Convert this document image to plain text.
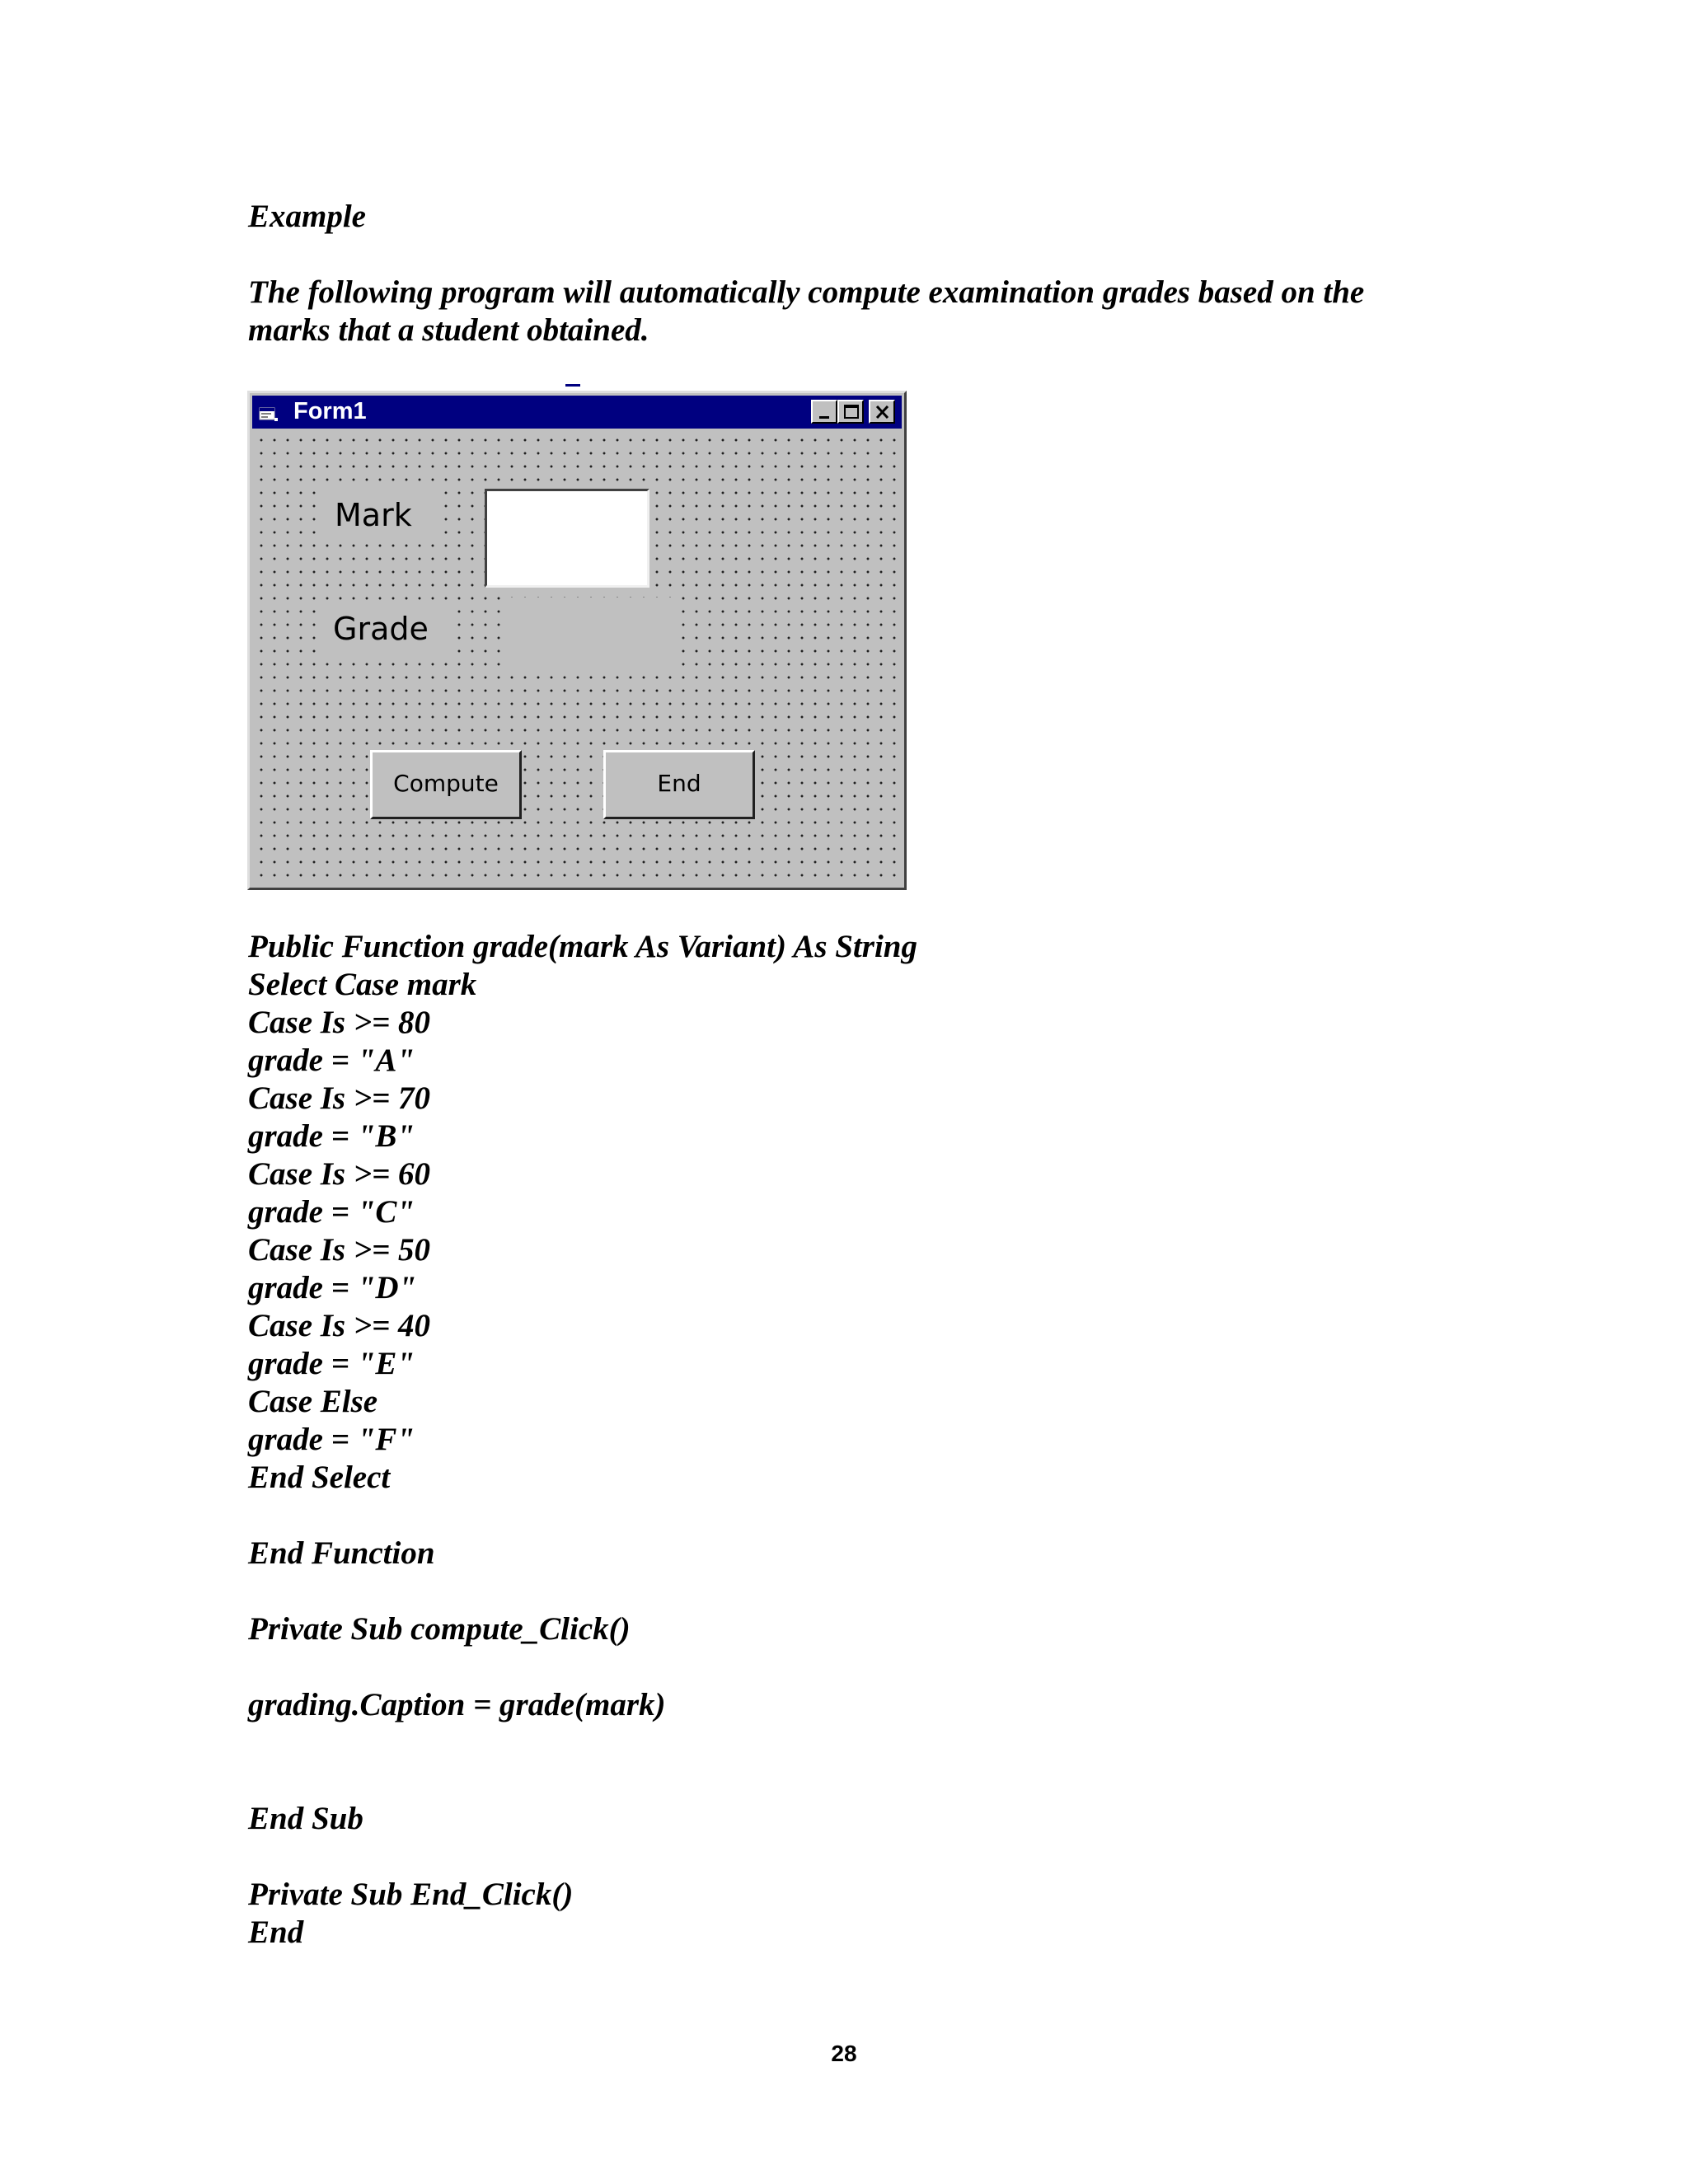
Example
The following program will automatically compute examination grades based on the
marks that a student obtained.
Form1
Mark
Grade
Compute	End
Public Function grade(mark As Variant) As String
Select Case mark
Case Is >= 80
grade = "A"
Case Is >= 70
grade = "B"
Case Is >= 60
grade = "C"
Case Is >= 50
grade = "D"
Case Is >= 40
grade = "E"
Case Else
grade = "F"
End Select
End Function
Private Sub compute_Click()
grading.Caption = grade(mark)
End Sub
Private Sub End_Click()
End
28
